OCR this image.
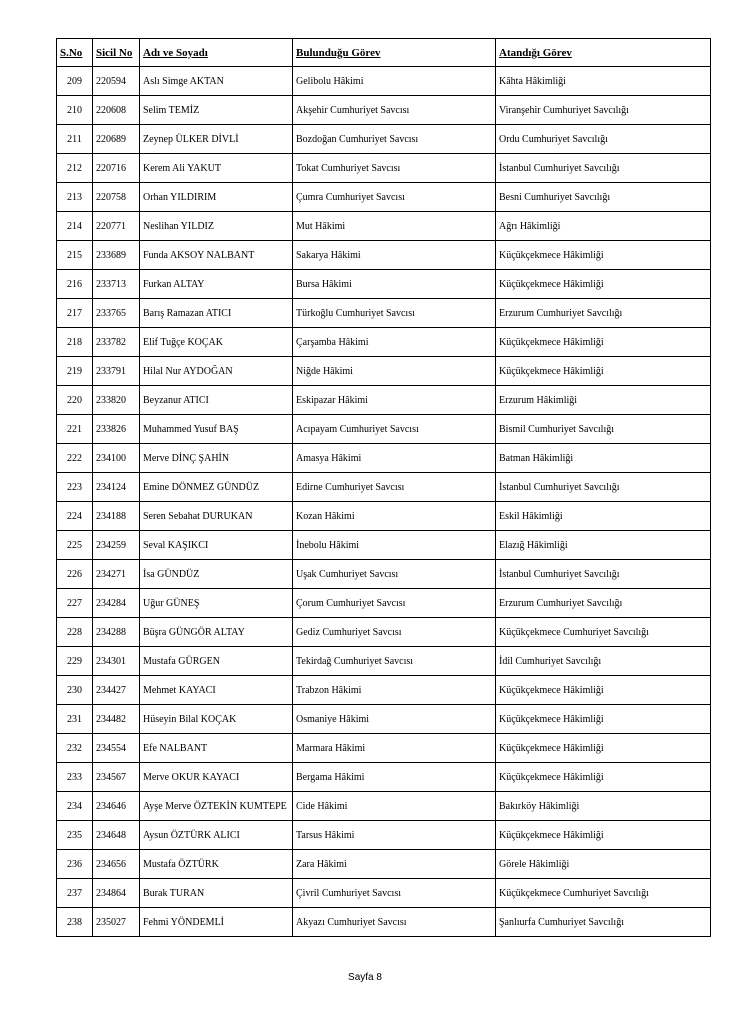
S.No	Sicil No	Adı ve Soyadı	Bulunduğu Görev	Atandığı Görev
209	220594	Aslı Simge AKTAN	Gelibolu Hâkimi	Kâhta Hâkimliği
210	220608	Selim TEMİZ	Akşehir Cumhuriyet Savcısı	Viranşehir Cumhuriyet Savcılığı
211	220689	Zeynep ÜLKER DİVLİ	Bozdoğan Cumhuriyet Savcısı	Ordu Cumhuriyet Savcılığı
212	220716	Kerem Ali YAKUT	Tokat Cumhuriyet Savcısı	İstanbul Cumhuriyet Savcılığı
213	220758	Orhan YILDIRIM	Çumra Cumhuriyet Savcısı	Besni Cumhuriyet Savcılığı
214	220771	Neslihan YILDIZ	Mut Hâkimi	Ağrı Hâkimliği
215	233689	Funda AKSOY NALBANT	Sakarya Hâkimi	Küçükçekmece Hâkimliği
216	233713	Furkan ALTAY	Bursa Hâkimi	Küçükçekmece Hâkimliği
217	233765	Barış Ramazan ATICI	Türkoğlu Cumhuriyet Savcısı	Erzurum Cumhuriyet Savcılığı
218	233782	Elif Tuğçe KOÇAK	Çarşamba Hâkimi	Küçükçekmece Hâkimliği
219	233791	Hilal Nur AYDOĞAN	Niğde Hâkimi	Küçükçekmece Hâkimliği
220	233820	Beyzanur ATICI	Eskipazar Hâkimi	Erzurum Hâkimliği
221	233826	Muhammed Yusuf BAŞ	Acıpayam Cumhuriyet Savcısı	Bismil Cumhuriyet Savcılığı
222	234100	Merve DİNÇ ŞAHİN	Amasya Hâkimi	Batman Hâkimliği
223	234124	Emine DÖNMEZ GÜNDÜZ	Edirne Cumhuriyet Savcısı	İstanbul Cumhuriyet Savcılığı
224	234188	Seren Sebahat DURUKAN	Kozan Hâkimi	Eskil Hâkimliği
225	234259	Seval KAŞIKCI	İnebolu Hâkimi	Elazığ Hâkimliği
226	234271	İsa GÜNDÜZ	Uşak Cumhuriyet Savcısı	İstanbul Cumhuriyet Savcılığı
227	234284	Uğur GÜNEŞ	Çorum Cumhuriyet Savcısı	Erzurum Cumhuriyet Savcılığı
228	234288	Büşra GÜNGÖR ALTAY	Gediz Cumhuriyet Savcısı	Küçükçekmece Cumhuriyet Savcılığı
229	234301	Mustafa GÜRGEN	Tekirdağ Cumhuriyet Savcısı	İdil Cumhuriyet Savcılığı
230	234427	Mehmet KAYACI	Trabzon Hâkimi	Küçükçekmece Hâkimliği
231	234482	Hüseyin Bilal KOÇAK	Osmaniye Hâkimi	Küçükçekmece Hâkimliği
232	234554	Efe NALBANT	Marmara Hâkimi	Küçükçekmece Hâkimliği
233	234567	Merve OKUR KAYACI	Bergama Hâkimi	Küçükçekmece Hâkimliği
234	234646	Ayşe Merve ÖZTEKİN KUMTEPE	Cide Hâkimi	Bakırköy Hâkimliği
235	234648	Aysun ÖZTÜRK ALICI	Tarsus Hâkimi	Küçükçekmece Hâkimliği
236	234656	Mustafa ÖZTÜRK	Zara Hâkimi	Görele Hâkimliği
237	234864	Burak TURAN	Çivril Cumhuriyet Savcısı	Küçükçekmece Cumhuriyet Savcılığı
238	235027	Fehmi YÖNDEMLİ	Akyazı Cumhuriyet Savcısı	Şanlıurfa Cumhuriyet Savcılığı
Sayfa 8
